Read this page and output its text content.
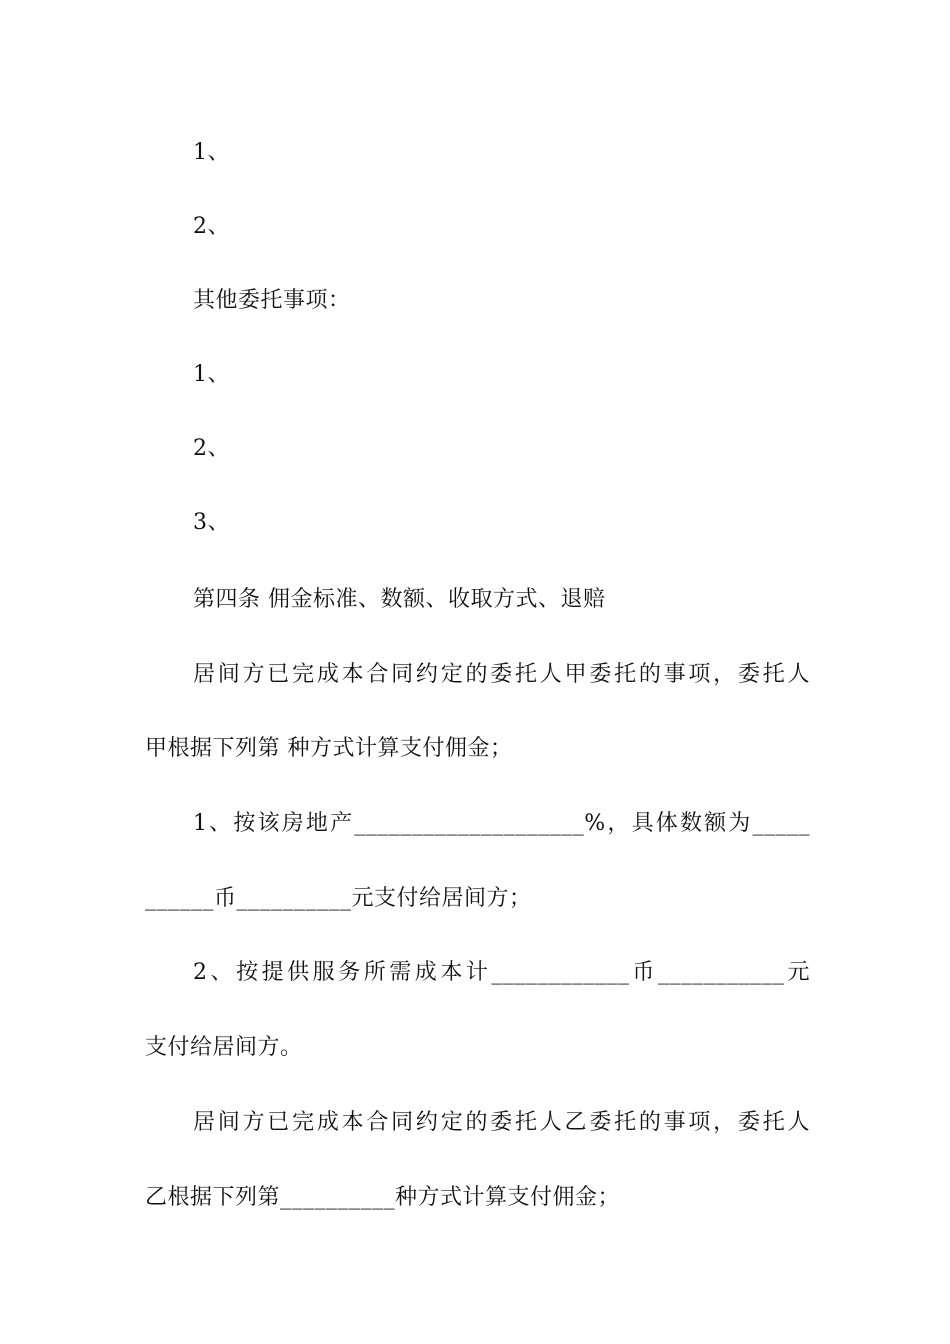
1、
2、
其他委托事项：
1、
2、
3、
第四条 佣金标准、数额、收取方式、退赔
居间方已完成本合同约定的委托人甲委托的事项，委托人
甲根据下列第 种方式计算支付佣金；
1、按该房地产____________________%，具体数额为_____
______币__________元支付给居间方；
2、按提供服务所需成本计____________币___________元
支付给居间方。
居间方已完成本合同约定的委托人乙委托的事项，委托人
乙根据下列第__________种方式计算支付佣金；
